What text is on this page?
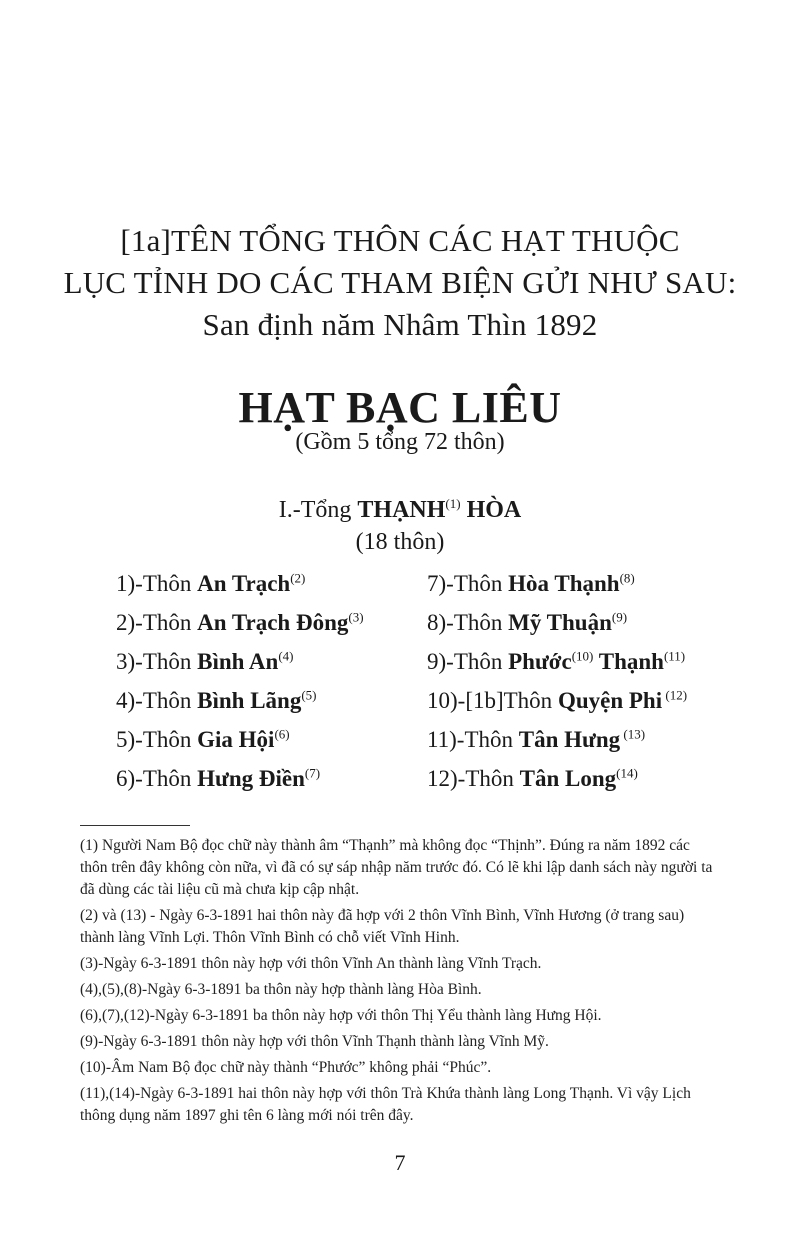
[1a]TÊN TỔNG THÔN CÁC HẠT THUỘC
LỤC TỈNH DO CÁC THAM BIỆN GỬI NHƯ SAU:
San định năm Nhâm Thìn 1892
HẠT BẠC LIÊU
(Gồm 5 tổng 72 thôn)
I.-Tổng THẠNH$^{(1)}$ HÒA
(18 thôn)
1)-Thôn An Trạch$^{(2)}$
2)-Thôn An Trạch Đông$^{(3)}$
3)-Thôn Bình An$^{(4)}$
4)-Thôn Bình Lãng$^{(5)}$
5)-Thôn Gia Hội$^{(6)}$
6)-Thôn Hưng Điền$^{(7)}$
7)-Thôn Hòa Thạnh$^{(8)}$
8)-Thôn Mỹ Thuận$^{(9)}$
9)-Thôn Phước$^{(10)}$ Thạnh$^{(11)}$
10)-[1b]Thôn Quyện Phi $^{(12)}$
11)-Thôn Tân Hưng $^{(13)}$
12)-Thôn Tân Long$^{(14)}$
(1) Người Nam Bộ đọc chữ này thành âm “Thạnh” mà không đọc “Thịnh”. Đúng ra năm 1892 các thôn trên đây không còn nữa, vì đã có sự sáp nhập năm trước đó. Có lẽ khi lập danh sách này người ta đã dùng các tài liệu cũ mà chưa kịp cập nhật.
(2) và (13) - Ngày 6-3-1891 hai thôn này đã hợp với 2 thôn Vĩnh Bình, Vĩnh Hương (ở trang sau) thành làng Vĩnh Lợi. Thôn Vĩnh Bình có chỗ viết Vĩnh Hinh.
(3)-Ngày 6-3-1891 thôn này hợp với thôn Vĩnh An thành làng Vĩnh Trạch.
(4),(5),(8)-Ngày 6-3-1891 ba thôn này hợp thành làng Hòa Bình.
(6),(7),(12)-Ngày 6-3-1891 ba thôn này hợp với thôn Thị Yểu thành làng Hưng Hội.
(9)-Ngày 6-3-1891 thôn này hợp với thôn Vĩnh Thạnh thành làng Vĩnh Mỹ.
(10)-Âm Nam Bộ đọc chữ này thành “Phước” không phải “Phúc”.
(11),(14)-Ngày 6-3-1891 hai thôn này hợp với thôn Trà Khứa thành làng Long Thạnh. Vì vậy Lịch thông dụng năm 1897 ghi tên 6 làng mới nói trên đây.
7
